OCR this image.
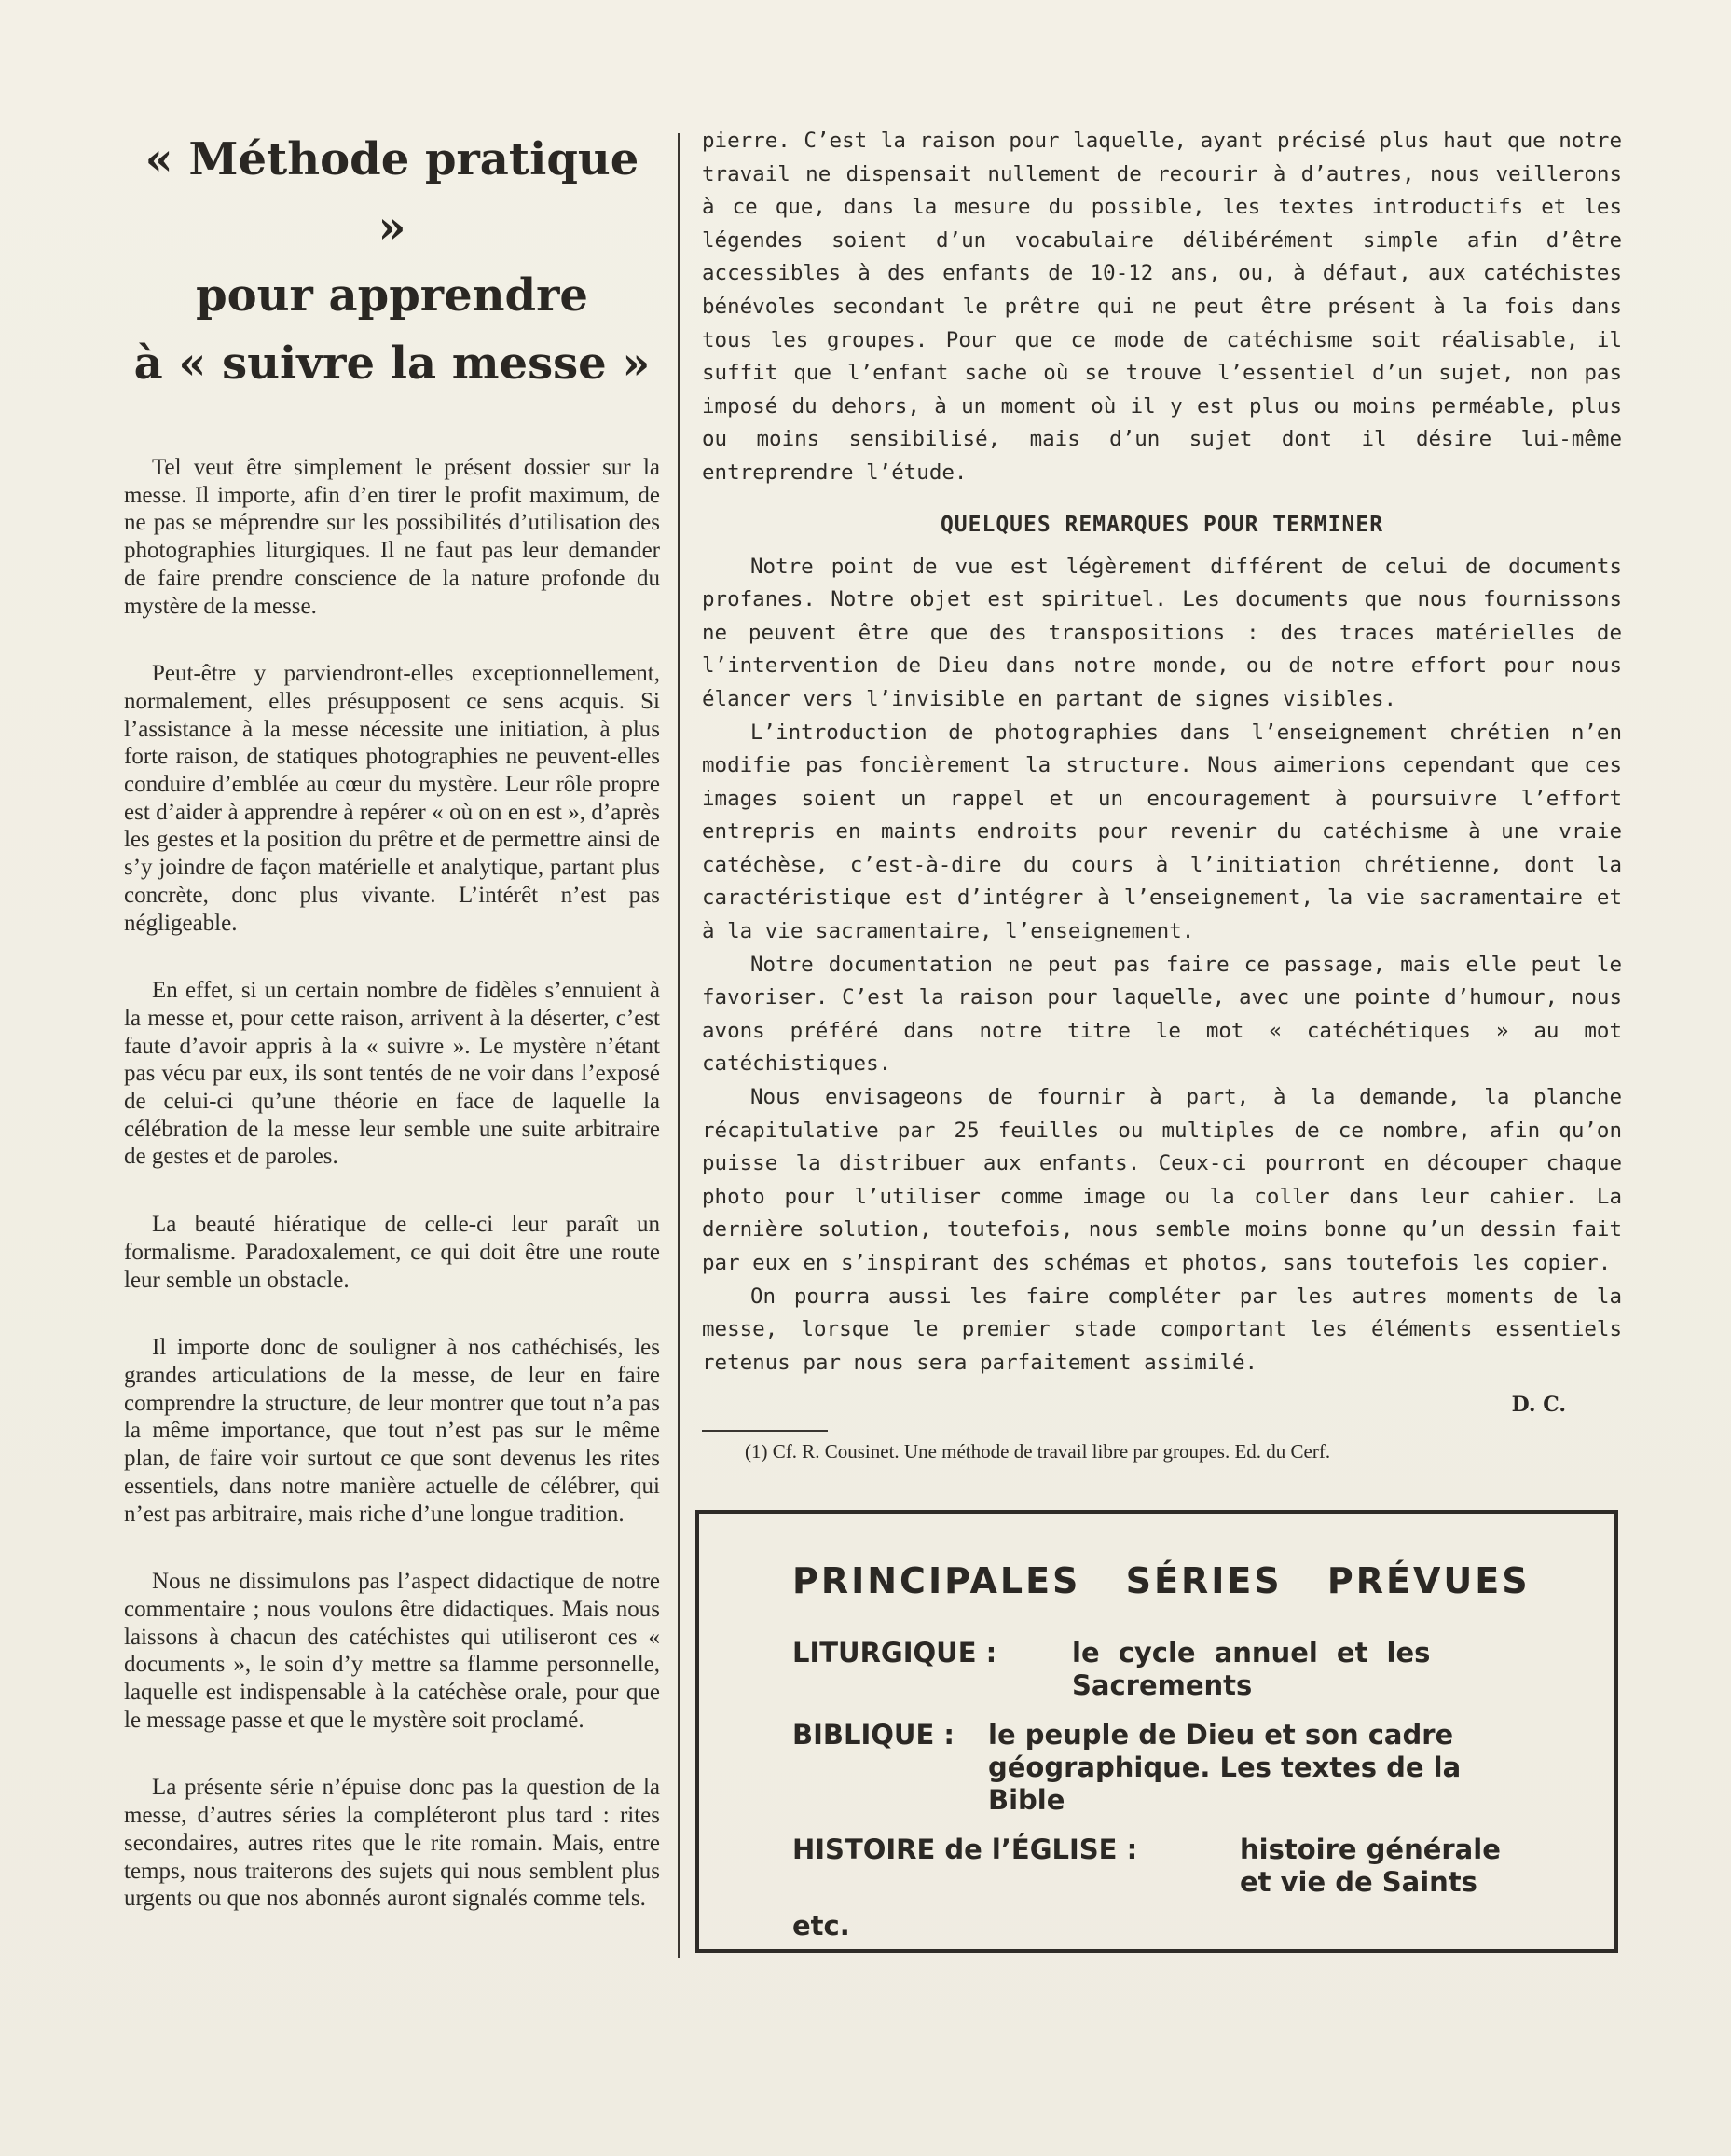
« Méthode pratique »
pour apprendre
à « suivre la messe »

Tel veut être simplement le présent dossier sur la messe. Il importe, afin d’en tirer le profit maximum, de ne pas se méprendre sur les possibilités d’utilisation des photographies liturgiques. Il ne faut pas leur demander de faire prendre conscience de la nature profonde du mystère de la messe.

Peut-être y parviendront-elles exceptionnellement, normalement, elles présupposent ce sens acquis. Si l’assistance à la messe nécessite une initiation, à plus forte raison, de statiques photographies ne peuvent-elles conduire d’emblée au cœur du mystère. Leur rôle propre est d’aider à apprendre à repérer « où on en est », d’après les gestes et la position du prêtre et de permettre ainsi de s’y joindre de façon matérielle et analytique, partant plus concrète, donc plus vivante. L’intérêt n’est pas négligeable.

En effet, si un certain nombre de fidèles s’ennuient à la messe et, pour cette raison, arrivent à la déserter, c’est faute d’avoir appris à la « suivre ». Le mystère n’étant pas vécu par eux, ils sont tentés de ne voir dans l’exposé de celui-ci qu’une théorie en face de laquelle la célébration de la messe leur semble une suite arbitraire de gestes et de paroles.

La beauté hiératique de celle-ci leur paraît un formalisme. Paradoxalement, ce qui doit être une route leur semble un obstacle.

Il importe donc de souligner à nos cathéchisés, les grandes articulations de la messe, de leur en faire comprendre la structure, de leur montrer que tout n’a pas la même importance, que tout n’est pas sur le même plan, de faire voir surtout ce que sont devenus les rites essentiels, dans notre manière actuelle de célébrer, qui n’est pas arbitraire, mais riche d’une longue tradition.

Nous ne dissimulons pas l’aspect didactique de notre commentaire ; nous voulons être didactiques. Mais nous laissons à chacun des catéchistes qui utiliseront ces « documents », le soin d’y mettre sa flamme personnelle, laquelle est indispensable à la catéchèse orale, pour que le message passe et que le mystère soit proclamé.

La présente série n’épuise donc pas la question de la messe, d’autres séries la compléteront plus tard : rites secondaires, autres rites que le rite romain. Mais, entre temps, nous traiterons des sujets qui nous semblent plus urgents ou que nos abonnés auront signalés comme tels.

pierre. C’est la raison pour laquelle, ayant précisé plus haut que notre travail ne dispensait nullement de recourir à d’autres, nous veillerons à ce que, dans la mesure du possible, les textes introductifs et les légendes soient d’un vocabulaire délibérément simple afin d’être accessibles à des enfants de 10-12 ans, ou, à défaut, aux catéchistes bénévoles secondant le prêtre qui ne peut être présent à la fois dans tous les groupes. Pour que ce mode de catéchisme soit réalisable, il suffit que l’enfant sache où se trouve l’essentiel d’un sujet, non pas imposé du dehors, à un moment où il y est plus ou moins perméable, plus ou moins sensibilisé, mais d’un sujet dont il désire lui-même entreprendre l’étude.

QUELQUES REMARQUES POUR TERMINER

Notre point de vue est légèrement différent de celui de documents profanes. Notre objet est spirituel. Les documents que nous fournissons ne peuvent être que des transpositions : des traces matérielles de l’intervention de Dieu dans notre monde, ou de notre effort pour nous élancer vers l’invisible en partant de signes visibles.

L’introduction de photographies dans l’enseignement chrétien n’en modifie pas foncièrement la structure. Nous aimerions cependant que ces images soient un rappel et un encouragement à poursuivre l’effort entrepris en maints endroits pour revenir du catéchisme à une vraie catéchèse, c’est-à-dire du cours à l’initiation chrétienne, dont la caractéristique est d’intégrer à l’enseignement, la vie sacramentaire et à la vie sacramentaire, l’enseignement.

Notre documentation ne peut pas faire ce passage, mais elle peut le favoriser. C’est la raison pour laquelle, avec une pointe d’humour, nous avons préféré dans notre titre le mot « catéchétiques » au mot catéchistiques.

Nous envisageons de fournir à part, à la demande, la planche récapitulative par 25 feuilles ou multiples de ce nombre, afin qu’on puisse la distribuer aux enfants. Ceux-ci pourront en découper chaque photo pour l’utiliser comme image ou la coller dans leur cahier. La dernière solution, toutefois, nous semble moins bonne qu’un dessin fait par eux en s’inspirant des schémas et photos, sans toutefois les copier.

On pourra aussi les faire compléter par les autres moments de la messe, lorsque le premier stade comportant les éléments essentiels retenus par nous sera parfaitement assimilé.

D. C.
(1) Cf. R. Cousinet. Une méthode de travail libre par groupes. Ed. du Cerf.
PRINCIPALES SÉRIES PRÉVUES
LITURGIQUE :	le cycle annuel et les Sacrements
BIBLIQUE :	le peuple de Dieu et son cadre géographique. Les textes de la Bible
HISTOIRE de l’ÉGLISE :	histoire générale et vie de Saints
etc.
